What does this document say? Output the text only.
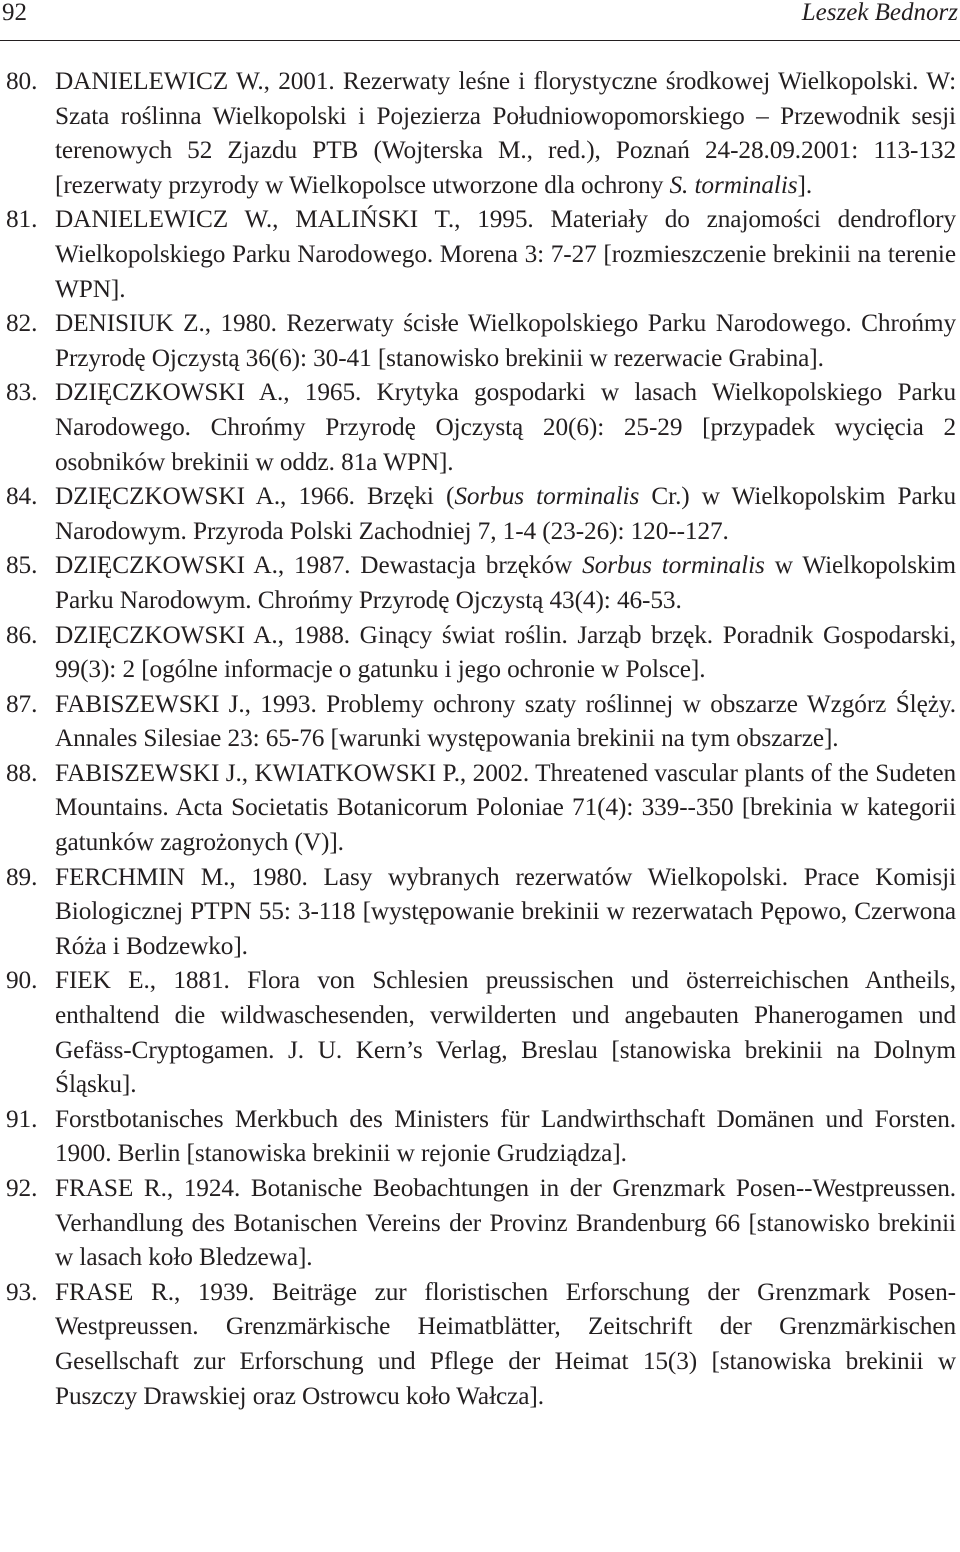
92	Leszek Bednorz
80. DANIELEWICZ W., 2001. Rezerwaty leśne i florystyczne środkowej Wielkopolski. W: Szata roślinna Wielkopolski i Pojezierza Południowopomorskiego – Przewodnik sesji terenowych 52 Zjazdu PTB (Wojterska M., red.), Poznań 24-28.09.2001: 113-132 [rezerwaty przyrody w Wielkopolsce utworzone dla ochrony S. torminalis].
81. DANIELEWICZ W., MALIŃSKI T., 1995. Materiały do znajomości dendroflory Wielkopolskiego Parku Narodowego. Morena 3: 7-27 [rozmieszczenie brekinii na terenie WPN].
82. DENISIUK Z., 1980. Rezerwaty ścisłe Wielkopolskiego Parku Narodowego. Chrońmy Przyrodę Ojczystą 36(6): 30-41 [stanowisko brekinii w rezerwacie Grabina].
83. DZIĘCZKOWSKI A., 1965. Krytyka gospodarki w lasach Wielkopolskiego Parku Narodowego. Chrońmy Przyrodę Ojczystą 20(6): 25-29 [przypadek wycięcia 2 osobników brekinii w oddz. 81a WPN].
84. DZIĘCZKOWSKI A., 1966. Brzęki (Sorbus torminalis Cr.) w Wielkopolskim Parku Narodowym. Przyroda Polski Zachodniej 7, 1-4 (23-26): 120--127.
85. DZIĘCZKOWSKI A., 1987. Dewastacja brzęków Sorbus torminalis w Wielkopolskim Parku Narodowym. Chrońmy Przyrodę Ojczystą 43(4): 46-53.
86. DZIĘCZKOWSKI A., 1988. Ginący świat roślin. Jarząb brzęk. Poradnik Gospodarski, 99(3): 2 [ogólne informacje o gatunku i jego ochronie w Polsce].
87. FABISZEWSKI J., 1993. Problemy ochrony szaty roślinnej w obszarze Wzgórz Ślęży. Annales Silesiae 23: 65-76 [warunki występowania brekinii na tym obszarze].
88. FABISZEWSKI J., KWIATKOWSKI P., 2002. Threatened vascular plants of the Sudeten Mountains. Acta Societatis Botanicorum Poloniae 71(4): 339--350 [brekinia w kategorii gatunków zagrożonych (V)].
89. FERCHMIN M., 1980. Lasy wybranych rezerwatów Wielkopolski. Prace Komisji Biologicznej PTPN 55: 3-118 [występowanie brekinii w rezerwatach Pępowo, Czerwona Róża i Bodzewko].
90. FIEK E., 1881. Flora von Schlesien preussischen und österreichischen Antheils, enthaltend die wildwaschesenden, verwilderten und angebauten Phanerogamen und Gefäss-Cryptogamen. J. U. Kern’s Verlag, Breslau [stanowiska brekinii na Dolnym Śląsku].
91. Forstbotanisches Merkbuch des Ministers für Landwirthschaft Domänen und Forsten. 1900. Berlin [stanowiska brekinii w rejonie Grudziądza].
92. FRASE R., 1924. Botanische Beobachtungen in der Grenzmark Posen--Westpreussen. Verhandlung des Botanischen Vereins der Provinz Brandenburg 66 [stanowisko brekinii w lasach koło Bledzewa].
93. FRASE R., 1939. Beiträge zur floristischen Erforschung der Grenzmark Posen-Westpreussen. Grenzmärkische Heimatblätter, Zeitschrift der Grenzmärkischen Gesellschaft zur Erforschung und Pflege der Heimat 15(3) [stanowiska brekinii w Puszczy Drawskiej oraz Ostrowcu koło Wałcza].
